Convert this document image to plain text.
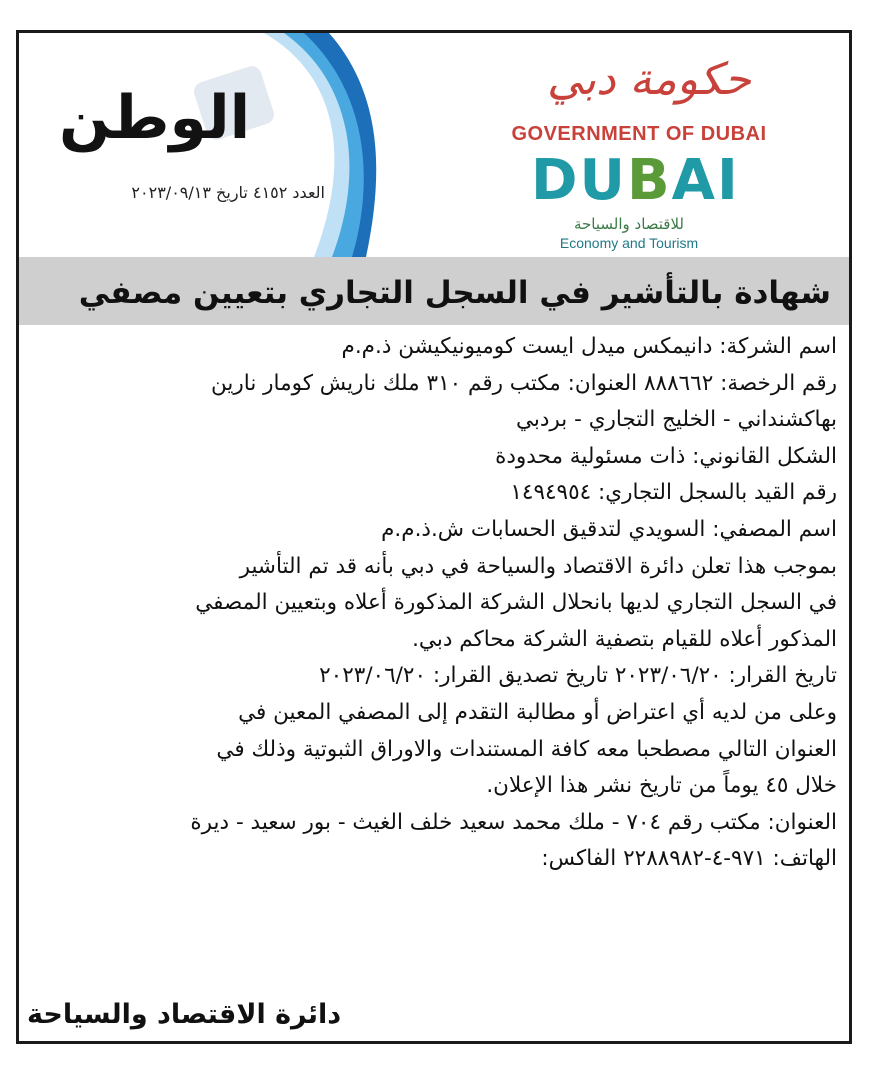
الوطن
العدد ٤١٥٢ تاريخ ٢٠٢٣/٠٩/١٣
حكومة دبي
GOVERNMENT OF DUBAI
DUBAI
للاقتصاد والسياحة
Economy and Tourism
شهادة بالتأشير في السجل التجاري بتعيين مصفي

اسم الشركة: دانيمكس ميدل ايست كوميونيكيشن ذ.م.م

رقم الرخصة: ٨٨٨٦٦٢ العنوان: مكتب رقم ٣١٠ ملك ناريش كومار نارين

بهاكشنداني - الخليج التجاري - بردبي

الشكل القانوني: ذات مسئولية محدودة

رقم القيد بالسجل التجاري: ١٤٩٤٩٥٤

اسم المصفي: السويدي لتدقيق الحسابات ش.ذ.م.م

بموجب هذا تعلن دائرة الاقتصاد والسياحة في دبي بأنه قد تم التأشير

في السجل التجاري لديها بانحلال الشركة المذكورة أعلاه وبتعيين المصفي

المذكور أعلاه للقيام بتصفية الشركة محاكم دبي.

تاريخ القرار: ٢٠٢٣/٠٦/٢٠ تاريخ تصديق القرار: ٢٠٢٣/٠٦/٢٠

وعلى من لديه أي اعتراض أو مطالبة التقدم إلى المصفي المعين في

العنوان التالي مصطحبا معه كافة المستندات والاوراق الثبوتية وذلك في

خلال ٤٥ يوماً من تاريخ نشر هذا الإعلان.

العنوان: مكتب رقم ٧٠٤ - ملك محمد سعيد خلف الغيث - بور سعيد - ديرة

الهاتف: ٩٧١-٤-٢٢٨٨٩٨٢ الفاكس:

دائرة الاقتصاد والسياحة
